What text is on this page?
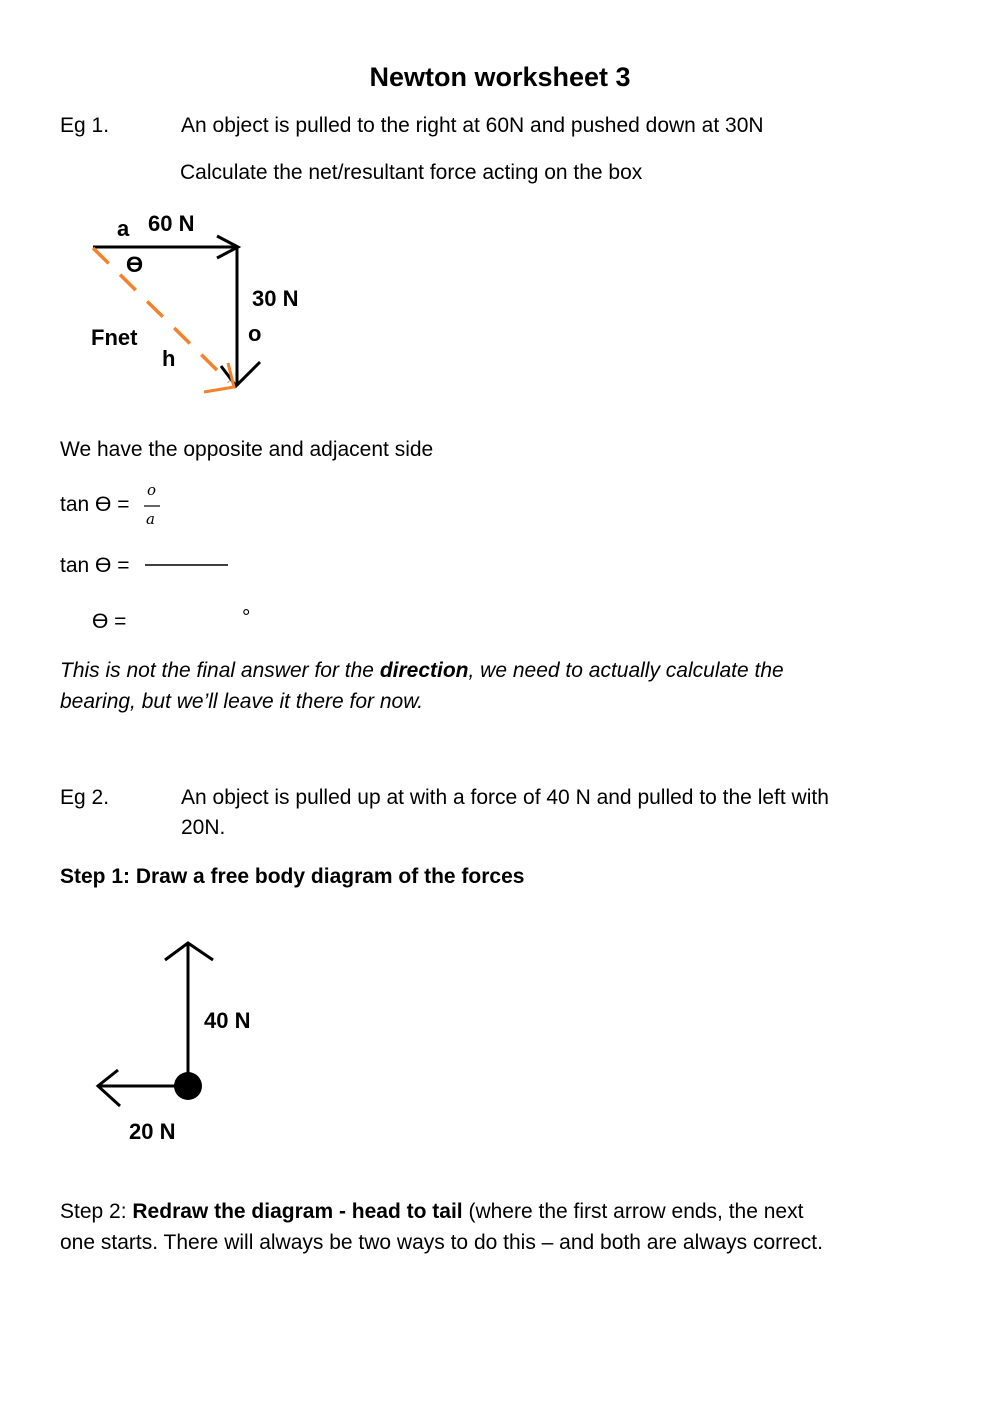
Newton worksheet 3
Eg 1.	An object is pulled to the right at 60N and pushed down at 30N
Calculate the net/resultant force acting on the box
a 60 N
ϴ
30 N
o
Fnet
h
We have the opposite and adjacent side
tan ϴ =
o
a
tan ϴ =
ϴ =	°
This is not the final answer for the direction, we need to actually calculate the
bearing, but we’ll leave it there for now.
Eg 2.	An object is pulled up at with a force of 40 N and pulled to the left with
20N.
Step 1: Draw a free body diagram of the forces
40 N
20 N
Step 2: Redraw the diagram - head to tail (where the first arrow ends, the next
one starts. There will always be two ways to do this – and both are always correct.
